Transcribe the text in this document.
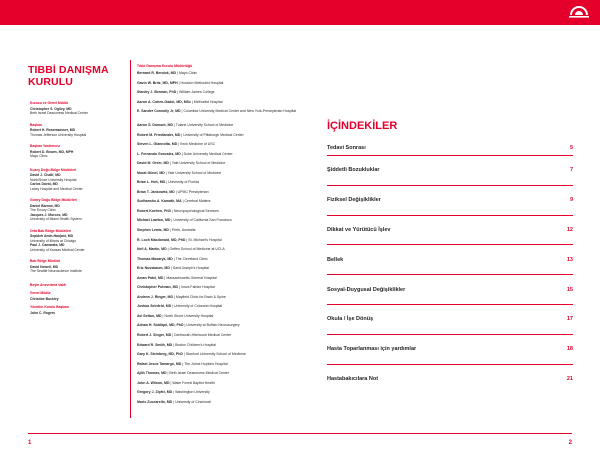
TIBBİ DANIŞMA KURULU
Kurucu ve Genel Müdür
Christopher S. Ogilvy, MD
Beth Israel Deaconess Medical Center
Başkan
Robert H. Rosenwasser, MD
Thomas Jefferson University Hospital
Başkan Yardımcısı
Robert D. Brown, MD, MPH
Mayo Clinic
Kuzey Doğu Bölge Müdürleri
David J. Chalif, MD
NorthShore University Hospital
Carlos David, MD
Lahey Hospital and Medical Center
Güney Doğu Bölge Müdürleri
Daniel Barrow, MD
The Emory Clinic
Jacques J. Morcos, MD
University of Miami Health System
Orta Batı Bölge Müdürleri
Sepideh Amin-Hanjani, MD
University of Illinois at Chicago
Paul J. Camarata, MD
University of Kansas Medical Center
Batı Bölge Müdürü
David Newell, MD
The Seattle Neuroscience Institute
Beyin Anevrizma Vakfı
Genel Müdür
Christine Buckley
Yönetim Kurulu Başkanı
John C. Rogers
Tıbbi Danışma Kurulu Müdürlüğü
Bernard R. Bendok, MD | Mayo Clinic
Gavin W. Britz, MD, MPH | Houston Methodist Hospital
Stanley J. Berman, PhD | William James College
Aaron A. Cohen-Gadol, MD, MSc | Methodist Hospital
E. Sander Connolly Jr, MD | Columbia University Medical Center and New York-Presbyterian Hospital
Aaron S. Dumont, MD | Tulane University School of Medicine
Robert M. Friedlander, MD | University of Pittsburgh Medical Center
Steven L. Giannotta, MD | Keck Medicine of USC
L. Fernando Gonzalez, MD | Duke University Medical Center
David M. Greer, MD | Yale University School of Medicine
Murat Günel, MD | Yale University School of Medicine
Brian L. Hoh, MD | University of Florida
Brian T. Jankowitz, MD | UPMC Presbyterian
Sudhanshu A. Kamath, MA | Cerebral Matters
Robert Koehen, PhD | Neuropsychological Services
Michael Lawton, MD | University of California San Francisco
Stephen Lewis, MD | Perth, Australia
R. Loch Macdonald, MD, PhD | St. Michael's Hospital
Neil A. Martin, MD | Geffen School of Medicine at UCLA
Thomas Masaryk, MD | The Cleveland Clinic
Eric Nussbaum, MD | Saint Joseph's Hospital
Aman Patel, MD | Massachusetts General Hospital
Christopher Putman, MD | Inova Fairfax Hospital
Andrew J. Ringer, MD | Mayfield Clinic for Brain & Spine
Joshua Seinfeld, MD | University of Colorado Hospital
Avi Setton, MD | North Shore University Hospital
Adnan H. Siddiqui, MD, PhD | University at Buffalo Neurosurgery
Robert J. Singer, MD | Dartmouth-Hitchcock Medical Center
Edward R. Smith, MD | Boston Children's Hospital
Gary K. Steinberg, MD, PhD | Stanford University School of Medicine
Rafael Jesus Tamargo, MD | The Johns Hopkins Hospital
Ajith Thomas, MD | Beth Israel Deaconess Medical Center
John A. Wilson, MD | Wake Forest Baptist Health
Gregory J. Zipfel, MD | Washington University
Mario Zuccarello, MD | University of Cincinnati
İÇİNDEKİLER
Tedavi Sonrası	5
Şiddetli Bozukluklar	7
Fiziksel Değişiklikler	9
Dikkat ve Yürütücü İşlev	12
Bellek	13
Sosyal-Duygusal Değişiklikler	15
Okula / İşe Dönüş	17
Hasta Toparlanması için yardımlar	18
Hastabakıcılara Not	21
1	2
